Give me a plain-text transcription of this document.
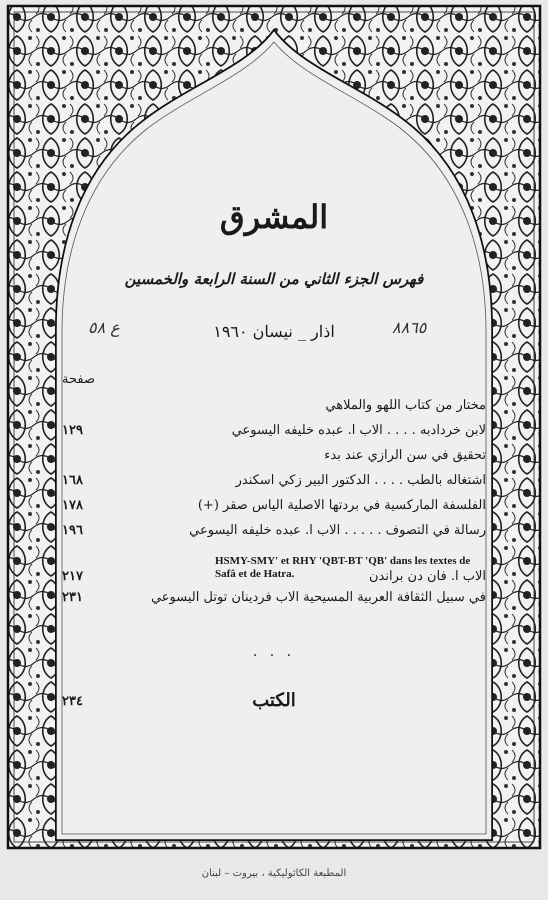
المشرق
فهرس الجزء الثاني من السنة الرابعة والخمسين
ع ٥٨	اذار _ نيسان ١٩٦٠	٨٨٦٥
صفحة
مختار من كتاب اللهو والملاهي
لابن خردادبه . . . . الاب ا. عبده خليفه اليسوعي
١٢٩
تحقيق في سن الرازي عند بدء
اشتغاله بالطب . . . . الدكتور البير زكي اسكندر
١٦٨
الفلسفة الماركسية في بردتها الاصلية الياس صقر (+)
١٧٨
رسالة في التصوف . . . . . الاب ا. عبده خليفه اليسوعي
١٩٦
الاب ا. فان دن براندن
٢١٧
في سبيل الثقافة العربية المسيحية الاب فردينان توتل اليسوعي
٢٣١
HSMY-SMY' et RHY 'QBT-BT 'QB' dans les textes de Safâ et de Hatra.
. . .
الكتب
٢٣٤
المطبعة الكاثوليكية ، بيروت – لبنان
